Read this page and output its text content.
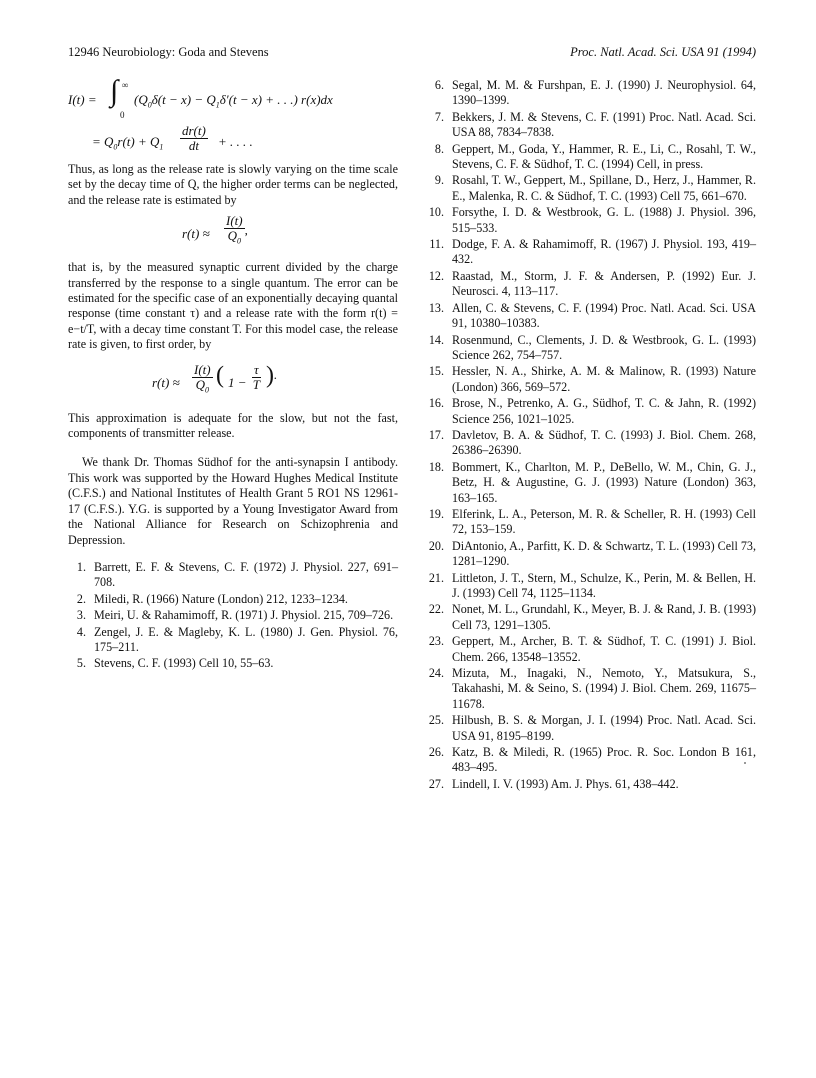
12946 Neurobiology: Goda and Stevens	Proc. Natl. Acad. Sci. USA 91 (1994)
I(t) = ∫ ∞
0
($Q_0\delta(t - x) - Q_1\delta'(t - x)$ + . . .) r(x)dx
= $Q_0r(t) + Q_1 \frac{dr(t)}{dt}$ + . . . .

Thus, as long as the release rate is slowly varying on the time scale set by the decay time of Q, the higher order terms can be neglected, and the release rate is estimated by

$r(t) \approx \frac{I(t)}{Q_0}$ ,

that is, by the measured synaptic current divided by the charge transferred by the response to a single quantum. The error can be estimated for the specific case of an exponentially decaying quantal response (time constant τ) and a release rate with the form r(t) = e−t/T, with a decay time constant T. For this model case, the release rate is given, to first order, by

$r(t) \approx \frac{I(t)}{Q_0}$ ( $1 - \frac{\tau}{T}$ ).

This approximation is adequate for the slow, but not the fast, components of transmitter release.

We thank Dr. Thomas Südhof for the anti-synapsin I antibody. This work was supported by the Howard Hughes Medical Institute (C.F.S.) and National Institutes of Health Grant 5 RO1 NS 12961-17 (C.F.S.). Y.G. is supported by a Young Investigator Award from the National Alliance for Research on Schizophrenia and Depression.

1. Barrett, E. F. & Stevens, C. F. (1972) J. Physiol. 227, 691–708.
2. Miledi, R. (1966) Nature (London) 212, 1233–1234.
3. Meiri, U. & Rahamimoff, R. (1971) J. Physiol. 215, 709–726.
4. Zengel, J. E. & Magleby, K. L. (1980) J. Gen. Physiol. 76, 175–211.
5. Stevens, C. F. (1993) Cell 10, 55–63.
6. Segal, M. M. & Furshpan, E. J. (1990) J. Neurophysiol. 64, 1390–1399.
7. Bekkers, J. M. & Stevens, C. F. (1991) Proc. Natl. Acad. Sci. USA 88, 7834–7838.
8. Geppert, M., Goda, Y., Hammer, R. E., Li, C., Rosahl, T. W., Stevens, C. F. & Südhof, T. C. (1994) Cell, in press.
9. Rosahl, T. W., Geppert, M., Spillane, D., Herz, J., Hammer, R. E., Malenka, R. C. & Südhof, T. C. (1993) Cell 75, 661–670.
10. Forsythe, I. D. & Westbrook, G. L. (1988) J. Physiol. 396, 515–533.
11. Dodge, F. A. & Rahamimoff, R. (1967) J. Physiol. 193, 419–432.
12. Raastad, M., Storm, J. F. & Andersen, P. (1992) Eur. J. Neurosci. 4, 113–117.
13. Allen, C. & Stevens, C. F. (1994) Proc. Natl. Acad. Sci. USA 91, 10380–10383.
14. Rosenmund, C., Clements, J. D. & Westbrook, G. L. (1993) Science 262, 754–757.
15. Hessler, N. A., Shirke, A. M. & Malinow, R. (1993) Nature (London) 366, 569–572.
16. Brose, N., Petrenko, A. G., Südhof, T. C. & Jahn, R. (1992) Science 256, 1021–1025.
17. Davletov, B. A. & Südhof, T. C. (1993) J. Biol. Chem. 268, 26386–26390.
18. Bommert, K., Charlton, M. P., DeBello, W. M., Chin, G. J., Betz, H. & Augustine, G. J. (1993) Nature (London) 363, 163–165.
19. Elferink, L. A., Peterson, M. R. & Scheller, R. H. (1993) Cell 72, 153–159.
20. DiAntonio, A., Parfitt, K. D. & Schwartz, T. L. (1993) Cell 73, 1281–1290.
21. Littleton, J. T., Stern, M., Schulze, K., Perin, M. & Bellen, H. J. (1993) Cell 74, 1125–1134.
22. Nonet, M. L., Grundahl, K., Meyer, B. J. & Rand, J. B. (1993) Cell 73, 1291–1305.
23. Geppert, M., Archer, B. T. & Südhof, T. C. (1991) J. Biol. Chem. 266, 13548–13552.
24. Mizuta, M., Inagaki, N., Nemoto, Y., Matsukura, S., Takahashi, M. & Seino, S. (1994) J. Biol. Chem. 269, 11675–11678.
25. Hilbush, B. S. & Morgan, J. I. (1994) Proc. Natl. Acad. Sci. USA 91, 8195–8199.
26. Katz, B. & Miledi, R. (1965) Proc. R. Soc. London B 161, 483–495.
27. Lindell, I. V. (1993) Am. J. Phys. 61, 438–442.
